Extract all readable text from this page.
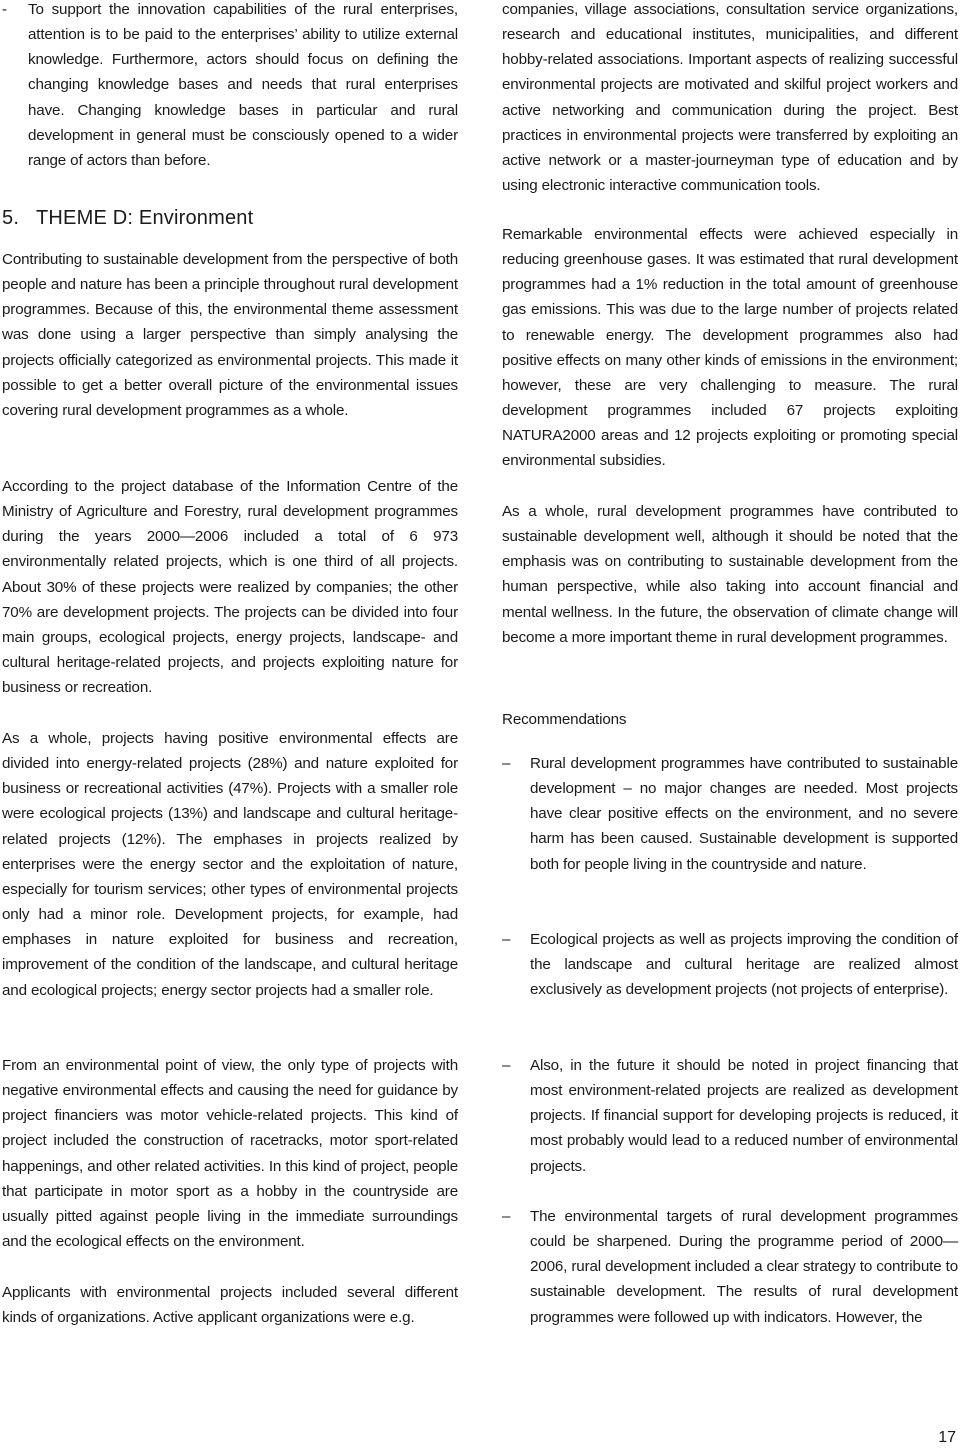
- To support the innovation capabilities of the rural enterprises, attention is to be paid to the enterprises’ ability to utilize external knowledge. Furthermore, actors should focus on defining the changing knowledge bases and needs that rural enterprises have. Changing knowledge bases in particular and rural development in general must be consciously opened to a wider range of actors than before.

5. THEME D: Environment

Contributing to sustainable development from the perspective of both people and nature has been a principle throughout rural development programmes. Because of this, the environmental theme assessment was done using a larger perspective than simply analysing the projects officially categorized as environmental projects. This made it possible to get a better overall picture of the environmental issues covering rural development programmes as a whole.

According to the project database of the Information Centre of the Ministry of Agriculture and Forestry, rural development programmes during the years 2000—2006 included a total of 6 973 environmentally related projects, which is one third of all projects. About 30% of these projects were realized by companies; the other 70% are development projects. The projects can be divided into four main groups, ecological projects, energy projects, landscape- and cultural heritage-related projects, and projects exploiting nature for business or recreation.

As a whole, projects having positive environmental effects are divided into energy-related projects (28%) and nature exploited for business or recreational activities (47%). Projects with a smaller role were ecological projects (13%) and landscape and cultural heritage-related projects (12%). The emphases in projects realized by enterprises were the energy sector and the exploitation of nature, especially for tourism services; other types of environmental projects only had a minor role. Development projects, for example, had emphases in nature exploited for business and recreation, improvement of the condition of the landscape, and cultural heritage and ecological projects; energy sector projects had a smaller role.

From an environmental point of view, the only type of projects with negative environmental effects and causing the need for guidance by project financiers was motor vehicle-related projects. This kind of project included the construction of racetracks, motor sport-related happenings, and other related activities. In this kind of project, people that participate in motor sport as a hobby in the countryside are usually pitted against people living in the immediate surroundings and the ecological effects on the environment.

Applicants with environmental projects included several different kinds of organizations. Active applicant organizations were e.g.

companies, village associations, consultation service organizations, research and educational institutes, municipalities, and different hobby-related associations. Important aspects of realizing successful environmental projects are motivated and skilful project workers and active networking and communication during the project. Best practices in environmental projects were transferred by exploiting an active network or a master-journeyman type of education and by using electronic interactive communication tools.

Remarkable environmental effects were achieved especially in reducing greenhouse gases. It was estimated that rural development programmes had a 1% reduction in the total amount of greenhouse gas emissions. This was due to the large number of projects related to renewable energy. The development programmes also had positive effects on many other kinds of emissions in the environment; however, these are very challenging to measure. The rural development programmes included 67 projects exploiting NATURA2000 areas and 12 projects exploiting or promoting special environmental subsidies.

As a whole, rural development programmes have contributed to sustainable development well, although it should be noted that the emphasis was on contributing to sustainable development from the human perspective, while also taking into account financial and mental wellness. In the future, the observation of climate change will become a more important theme in rural development programmes.

Recommendations

– Rural development programmes have contributed to sustainable development – no major changes are needed. Most projects have clear positive effects on the environment, and no severe harm has been caused. Sustainable development is supported both for people living in the countryside and nature.

– Ecological projects as well as projects improving the condition of the landscape and cultural heritage are realized almost exclusively as development projects (not projects of enterprise).

– Also, in the future it should be noted in project financing that most environment-related projects are realized as development projects. If financial support for developing projects is reduced, it most probably would lead to a reduced number of environmental projects.

– The environmental targets of rural development programmes could be sharpened. During the programme period of 2000—2006, rural development included a clear strategy to contribute to sustainable development. The results of rural development programmes were followed up with indicators. However, the

17
